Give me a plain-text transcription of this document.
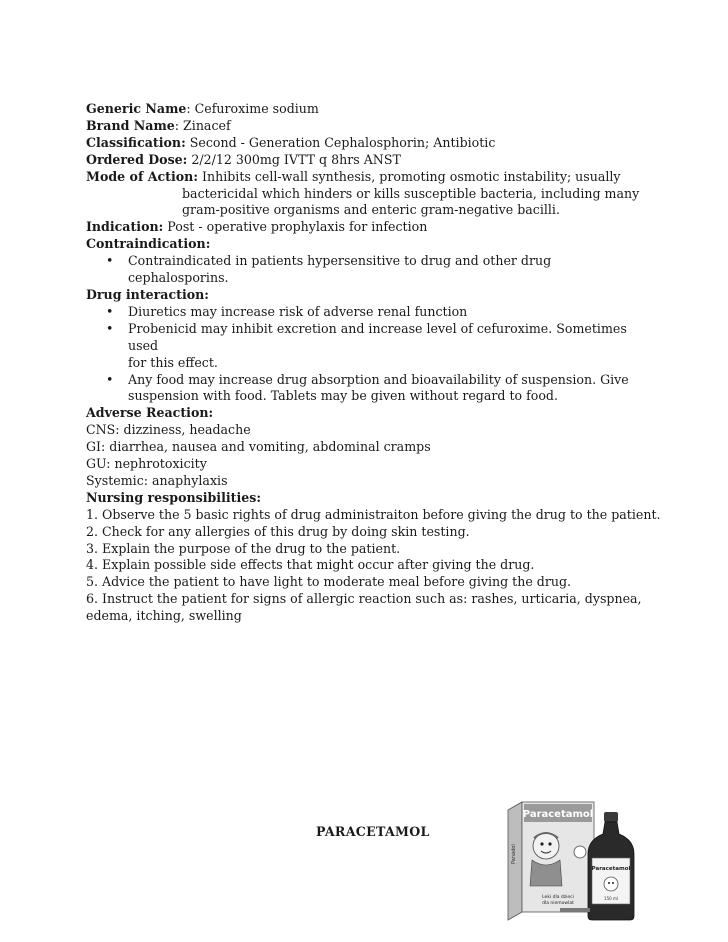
Generic Name: Cefuroxime sodium

Brand Name: Zinacef

Classification: Second - Generation Cephalosphorin; Antibiotic

Ordered Dose: 2/2/12 300mg IVTT q 8hrs ANST

Mode of Action: Inhibits cell-wall synthesis, promoting osmotic instability; usually

bactericidal which hinders or kills susceptible bacteria, including many

gram-positive organisms and enteric gram-negative bacilli.

Indication: Post - operative prophylaxis for infection

Contraindication:

• Contraindicated in patients hypersensitive to drug and other drug cephalosporins.

Drug interaction:

• Diuretics may increase risk of adverse renal function
• Probenicid may inhibit excretion and increase level of cefuroxime. Sometimes used
for this effect.
• Any food may increase drug absorption and bioavailability of suspension. Give
suspension with food. Tablets may be given without regard to food.

Adverse Reaction:

CNS: dizziness, headache

GI: diarrhea, nausea and vomiting, abdominal cramps

GU: nephrotoxicity

Systemic: anaphylaxis

Nursing responsibilities:

1. Observe the 5 basic rights of drug administraiton before giving the drug to the patient.

2. Check for any allergies of this drug by doing skin testing.

3. Explain the purpose of the drug to the patient.

4. Explain possible side effects that might occur after giving the drug.

5. Advice the patient to have light to moderate meal before giving the drug.

6. Instruct the patient for signs of allergic reaction such as: rashes, urticaria, dyspnea,

edema, itching, swelling

PARACETAMOL
Paracetamol
Panadol
Leki dla dzieci
dla niemowlat
Paracetamol
150 ml
